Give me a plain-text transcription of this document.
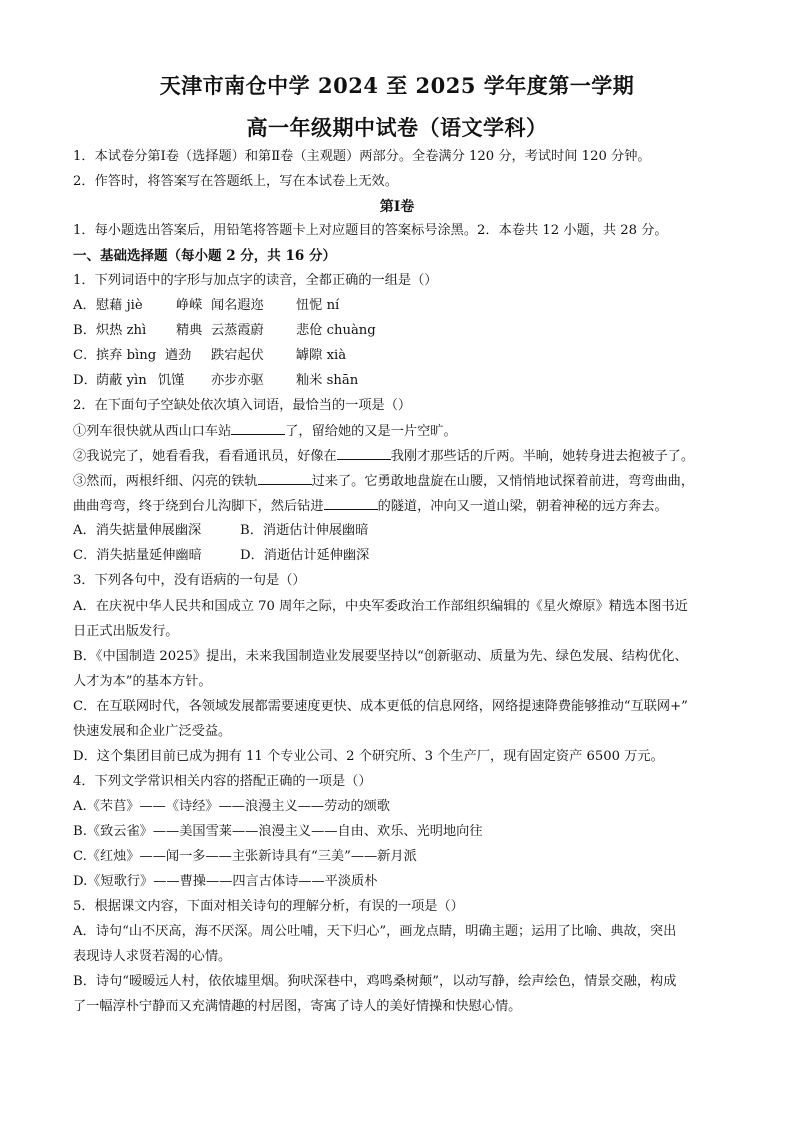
天津市南仓中学 2024 至 2025 学年度第一学期
高一年级期中试卷（语文学科）
1．本试卷分第Ⅰ卷（选择题）和第Ⅱ卷（主观题）两部分。全卷满分 120 分，考试时间 120 分钟。
2．作答时，将答案写在答题纸上，写在本试卷上无效。
第Ⅰ卷
1．每小题选出答案后，用铅笔将答题卡上对应题目的答案标号涂黑。2．本卷共 12 小题，共 28 分。
一、基础选择题（每小题 2 分，共 16 分）
1．下列词语中的字形与加点字的读音，全都正确的一组是（）
A． 慰藉 jiè	峥嵘 闻名遐迩 忸怩 ní
B． 炽热 zhì 精典 云蒸霞蔚 悲伧 chuàng
C． 摈弃 bìng 遒劲 跌宕起伏 罅隙 xià
D． 荫蔽 yìn 饥馑 亦步亦驱 籼米 shān
2．在下面句子空缺处依次填入词语，最恰当的一项是（）
①列车很快就从西山口车站	了，留给她的又是一片空旷。
②我说完了，她看看我，看看通讯员，好像在	我刚才那些话的斤两。半晌，她转身进去抱被子了。
③然而，两根纤细、闪亮的铁轨	过来了。它勇敢地盘旋在山腰，又悄悄地试探着前进，弯弯曲曲，
曲曲弯弯，终于绕到台儿沟脚下，然后钻进	的隧道，冲向又一道山梁，朝着神秘的远方奔去。
A．消失掂量伸展幽深	B．消逝估计伸展幽暗
C．消失掂量延伸幽暗	D．消逝估计延伸幽深
3．下列各句中，没有语病的一句是（）
A．在庆祝中华人民共和国成立 70 周年之际，中央军委政治工作部组织编辑的《星火燎原》精选本图书近
日正式出版发行。
B．《中国制造 2025》提出，未来我国制造业发展要坚持以“创新驱动、质量为先、绿色发展、结构优化、
人才为本”的基本方针。
C．在互联网时代，各领域发展都需要速度更快、成本更低的信息网络，网络提速降费能够推动“互联网+”
快速发展和企业广泛受益。
D．这个集团目前已成为拥有 11 个专业公司、2 个研究所、3 个生产厂，现有固定资产 6500 万元。
4．下列文学常识相关内容的搭配正确的一项是（）
A.《芣苢》——《诗经》——浪漫主义——劳动的颂歌
B.《致云雀》——美国雪莱——浪漫主义——自由、欢乐、光明地向往
C.《红烛》——闻一多——主张新诗具有“三美”——新月派
D.《短歌行》——曹操——四言古体诗——平淡质朴
5．根据课文内容，下面对相关诗句的理解分析，有误的一项是（）
A．诗句“山不厌高，海不厌深。周公吐哺，天下归心”，画龙点睛，明确主题；运用了比喻、典故，突出
表现诗人求贤若渴的心情。
B．诗句“暧暧远人村，依依墟里烟。狗吠深巷中，鸡鸣桑树颠”，以动写静，绘声绘色，情景交融，构成
了一幅淳朴宁静而又充满情趣的村居图，寄寓了诗人的美好情操和快慰心情。
